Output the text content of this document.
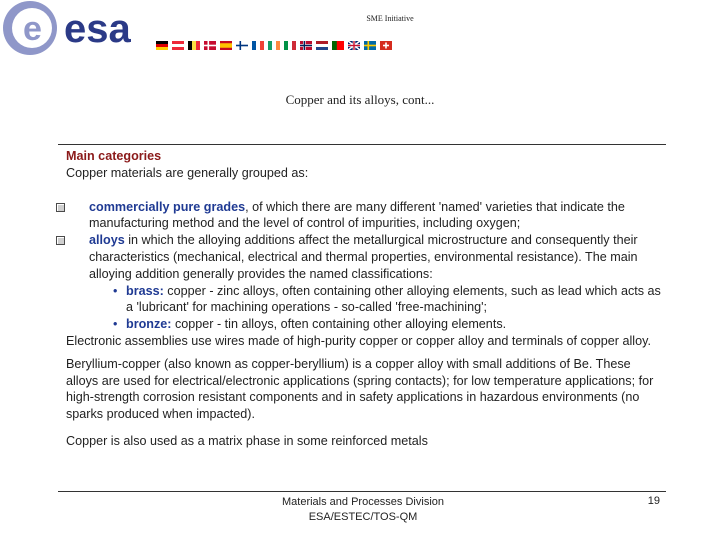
e esa	SME Initiative
Copper and its alloys, cont...

Main categories

Copper materials are generally grouped as:

commercially pure grades, of which there are many different 'named' varieties that indicate the manufacturing method and the level of control of impurities, including oxygen;

alloys in which the alloying additions affect the metallurgical microstructure and consequently their characteristics (mechanical, electrical and thermal properties, environmental resistance). The main alloying addition generally provides the named classifications:

• brass: copper - zinc alloys, often containing other alloying elements, such as lead which acts as a 'lubricant' for machining operations - so-called 'free-machining';

• bronze: copper - tin alloys, often containing other alloying elements.

Electronic assemblies use wires made of high-purity copper or copper alloy and terminals of copper alloy.

Beryllium-copper (also known as copper-beryllium) is a copper alloy with small additions of Be. These alloys are used for electrical/electronic applications (spring contacts); for low temperature applications; for high-strength corrosion resistant components and in safety applications in hazardous environments (no sparks produced when impacted).

Copper is also used as a matrix phase in some reinforced metals

Materials and Processes Division
ESA/ESTEC/TOS-QM
19
